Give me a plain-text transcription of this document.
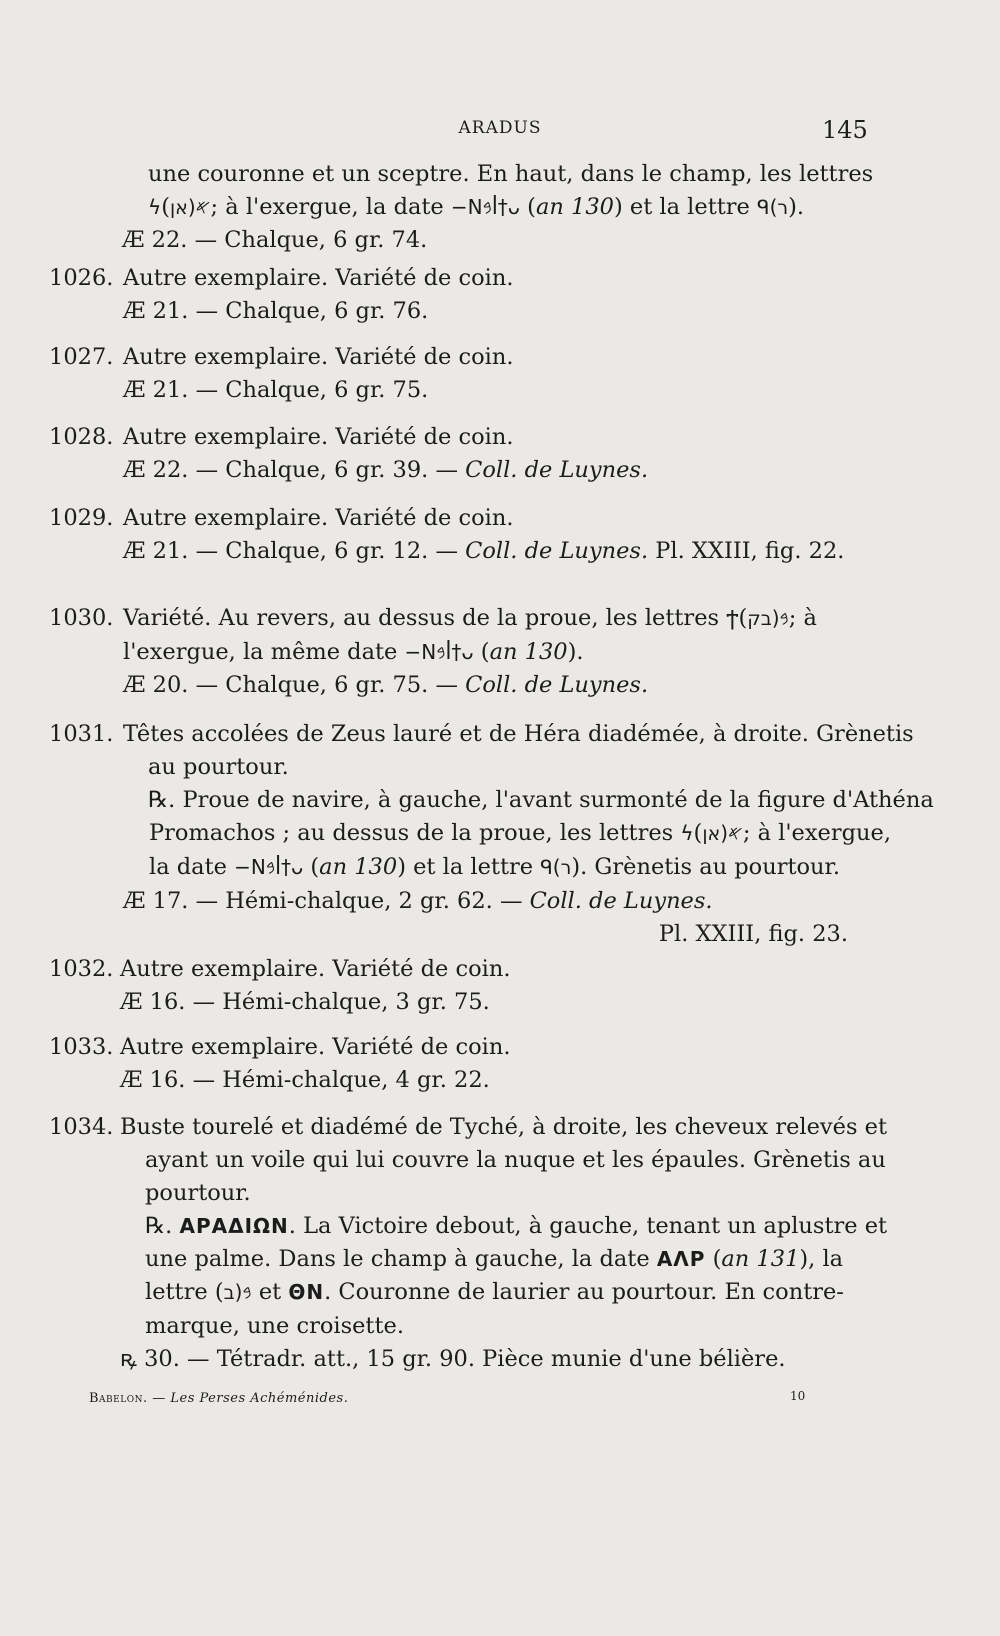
ARADUS	145
une couronne et un sceptre. En haut, dans le champ, les lettres
ϟ𐤀(אן); à l'exergue, la date −Ν𐤁ꟾ†ᴗ (an 130) et la lettre ᑫ(ר).
Æ 22. — Chalque, 6 gr. 74.
1026. Autre exemplaire. Variété de coin.
Æ 21. — Chalque, 6 gr. 76.
1027. Autre exemplaire. Variété de coin.
Æ 21. — Chalque, 6 gr. 75.
1028. Autre exemplaire. Variété de coin.
Æ 22. — Chalque, 6 gr. 39. — Coll. de Luynes.
1029. Autre exemplaire. Variété de coin.
Æ 21. — Chalque, 6 gr. 12. — Coll. de Luynes. Pl. XXIII, fig. 22.
1030. Variété. Au revers, au dessus de la proue, les lettres Ϯ𐤁(בק); à
l'exergue, la même date −Ν𐤁ꟾ†ᴗ (an 130).
Æ 20. — Chalque, 6 gr. 75. — Coll. de Luynes.
1031. Têtes accolées de Zeus lauré et de Héra diadémée, à droite. Grènetis
au pourtour.
℞. Proue de navire, à gauche, l'avant surmonté de la figure d'Athéna
Promachos ; au dessus de la proue, les lettres ϟ𐤀(אן); à l'exergue,
la date −Ν𐤁ꟾ†ᴗ (an 130) et la lettre ᑫ(ר). Grènetis au pourtour.
Æ 17. — Hémi-chalque, 2 gr. 62. — Coll. de Luynes.
Pl. XXIII, fig. 23.
1032. Autre exemplaire. Variété de coin.
Æ 16. — Hémi-chalque, 3 gr. 75.
1033. Autre exemplaire. Variété de coin.
Æ 16. — Hémi-chalque, 4 gr. 22.
1034. Buste tourelé et diadémé de Tyché, à droite, les cheveux relevés et
ayant un voile qui lui couvre la nuque et les épaules. Grènetis au
pourtour.
℞. ΑΡΑΔΙΩΝ. La Victoire debout, à gauche, tenant un aplustre et
une palme. Dans le champ à gauche, la date ΑΛΡ (an 131), la
lettre 𐤁(ב) et ΘΝ. Couronne de laurier au pourtour. En contre-
marque, une croisette.
ꝶ 30. — Tétradr. att., 15 gr. 90. Pièce munie d'une bélière.
Babelon. — Les Perses Achéménides.	10
